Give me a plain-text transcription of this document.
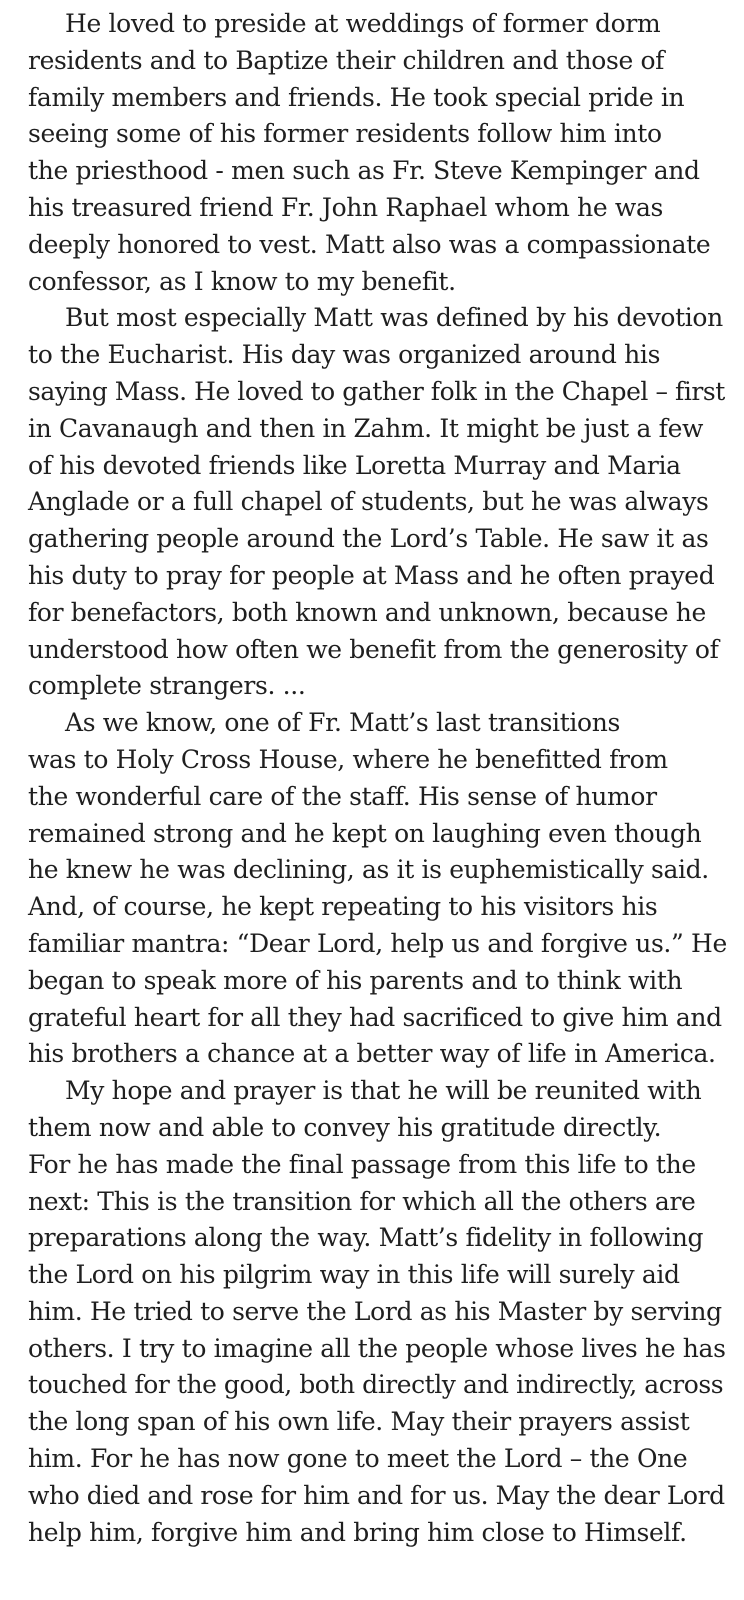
He loved to preside at weddings of former dorm
residents and to Baptize their children and those of
family members and friends. He took special pride in
seeing some of his former residents follow him into
the priesthood - men such as Fr. Steve Kempinger and
his treasured friend Fr. John Raphael whom he was
deeply honored to vest. Matt also was a compassionate
confessor, as I know to my benefit.
But most especially Matt was defined by his devotion
to the Eucharist. His day was organized around his
saying Mass. He loved to gather folk in the Chapel – first
in Cavanaugh and then in Zahm. It might be just a few
of his devoted friends like Loretta Murray and Maria
Anglade or a full chapel of students, but he was always
gathering people around the Lord’s Table. He saw it as
his duty to pray for people at Mass and he often prayed
for benefactors, both known and unknown, because he
understood how often we benefit from the generosity of
complete strangers. ...
As we know, one of Fr. Matt’s last transitions
was to Holy Cross House, where he benefitted from
the wonderful care of the staff. His sense of humor
remained strong and he kept on laughing even though
he knew he was declining, as it is euphemistically said.
And, of course, he kept repeating to his visitors his
familiar mantra: “Dear Lord, help us and forgive us.” He
began to speak more of his parents and to think with
grateful heart for all they had sacrificed to give him and
his brothers a chance at a better way of life in America.
My hope and prayer is that he will be reunited with
them now and able to convey his gratitude directly.
For he has made the final passage from this life to the
next: This is the transition for which all the others are
preparations along the way. Matt’s fidelity in following
the Lord on his pilgrim way in this life will surely aid
him. He tried to serve the Lord as his Master by serving
others. I try to imagine all the people whose lives he has
touched for the good, both directly and indirectly, across
the long span of his own life. May their prayers assist
him. For he has now gone to meet the Lord – the One
who died and rose for him and for us. May the dear Lord
help him, forgive him and bring him close to Himself.
